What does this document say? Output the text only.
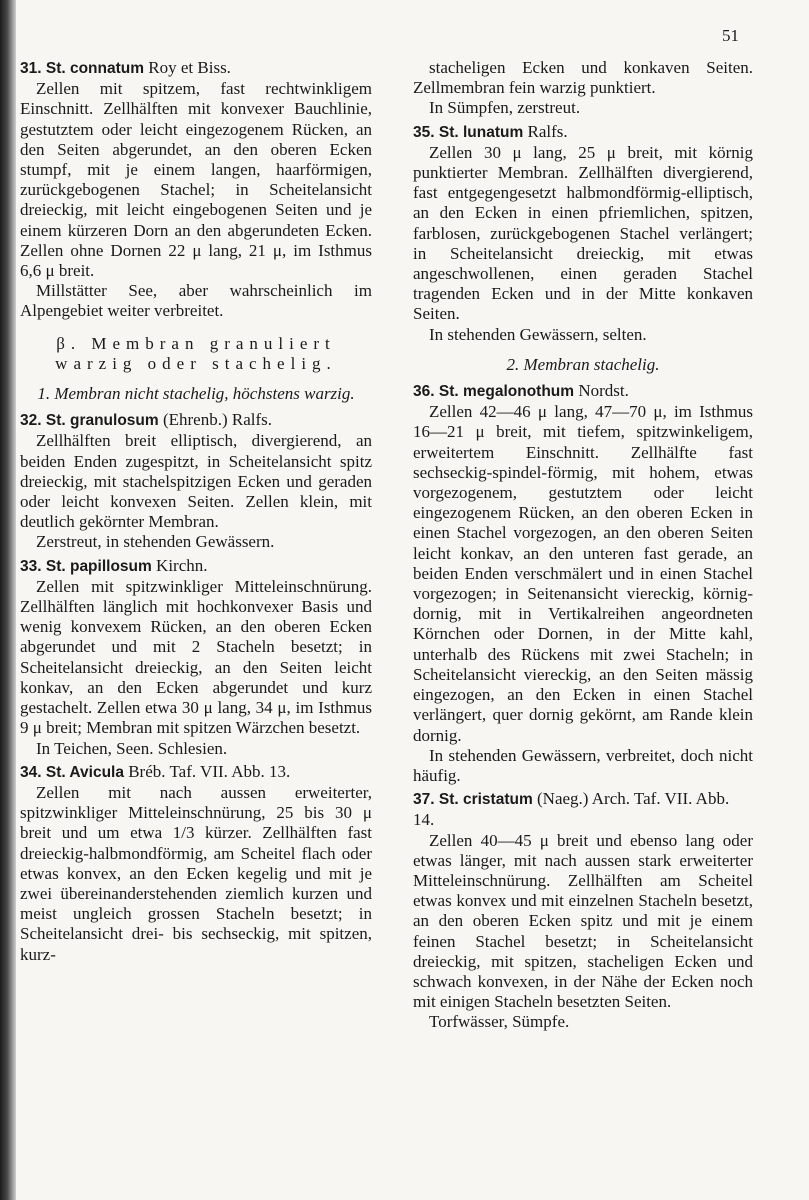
51

31. St. connatum Roy et Biss.

Zellen mit spitzem, fast rechtwinkligem Einschnitt. Zellhälften mit konvexer Bauchlinie, gestutztem oder leicht eingezogenem Rücken, an den Seiten abgerundet, an den oberen Ecken stumpf, mit je einem langen, haarförmigen, zurückgebogenen Stachel; in Scheitelansicht dreieckig, mit leicht eingebogenen Seiten und je einem kürzeren Dorn an den abgerundeten Ecken. Zellen ohne Dornen 22 μ lang, 21 μ, im Isthmus 6,6 μ breit.

Millstätter See, aber wahrscheinlich im Alpengebiet weiter verbreitet.

β. Membran granuliert warzig oder stachelig.

1. Membran nicht stachelig, höchstens warzig.

32. St. granulosum (Ehrenb.) Ralfs.

Zellhälften breit elliptisch, divergierend, an beiden Enden zugespitzt, in Scheitelansicht spitz dreieckig, mit stachelspitzigen Ecken und geraden oder leicht konvexen Seiten. Zellen klein, mit deutlich gekörnter Membran.

Zerstreut, in stehenden Gewässern.

33. St. papillosum Kirchn.

Zellen mit spitzwinkliger Mitteleinschnürung. Zellhälften länglich mit hochkonvexer Basis und wenig konvexem Rücken, an den oberen Ecken abgerundet und mit 2 Stacheln besetzt; in Scheitelansicht dreieckig, an den Seiten leicht konkav, an den Ecken abgerundet und kurz gestachelt. Zellen etwa 30 μ lang, 34 μ, im Isthmus 9 μ breit; Membran mit spitzen Wärzchen besetzt.

In Teichen, Seen. Schlesien.

34. St. Avicula Bréb. Taf. VII. Abb. 13.

Zellen mit nach aussen erweiterter, spitzwinkliger Mitteleinschnürung, 25 bis 30 μ breit und um etwa 1/3 kürzer. Zellhälften fast dreieckig-halbmondförmig, am Scheitel flach oder etwas konvex, an den Ecken kegelig und mit je zwei übereinanderstehenden ziemlich kurzen und meist ungleich grossen Stacheln besetzt; in Scheitelansicht drei- bis sechseckig, mit spitzen, kurz-

stacheligen Ecken und konkaven Seiten. Zellmembran fein warzig punktiert.

In Sümpfen, zerstreut.

35. St. lunatum Ralfs.

Zellen 30 μ lang, 25 μ breit, mit körnig punktierter Membran. Zellhälften divergierend, fast entgegengesetzt halbmondförmig-elliptisch, an den Ecken in einen pfriemlichen, spitzen, farblosen, zurückgebogenen Stachel verlängert; in Scheitelansicht dreieckig, mit etwas angeschwollenen, einen geraden Stachel tragenden Ecken und in der Mitte konkaven Seiten.

In stehenden Gewässern, selten.

2. Membran stachelig.

36. St. megalonothum Nordst.

Zellen 42—46 μ lang, 47—70 μ, im Isthmus 16—21 μ breit, mit tiefem, spitzwinkeligem, erweitertem Einschnitt. Zellhälfte fast sechseckig-spindel-förmig, mit hohem, etwas vorgezogenem, gestutztem oder leicht eingezogenem Rücken, an den oberen Ecken in einen Stachel vorgezogen, an den oberen Seiten leicht konkav, an den unteren fast gerade, an beiden Enden verschmälert und in einen Stachel vorgezogen; in Seitenansicht viereckig, körnig-dornig, mit in Vertikalreihen angeordneten Körnchen oder Dornen, in der Mitte kahl, unterhalb des Rückens mit zwei Stacheln; in Scheitelansicht viereckig, an den Seiten mässig eingezogen, an den Ecken in einen Stachel verlängert, quer dornig gekörnt, am Rande klein dornig.

In stehenden Gewässern, verbreitet, doch nicht häufig.

37. St. cristatum (Naeg.) Arch. Taf. VII. Abb. 14.

Zellen 40—45 μ breit und ebenso lang oder etwas länger, mit nach aussen stark erweiterter Mitteleinschnürung. Zellhälften am Scheitel etwas konvex und mit einzelnen Stacheln besetzt, an den oberen Ecken spitz und mit je einem feinen Stachel besetzt; in Scheitelansicht dreieckig, mit spitzen, stacheligen Ecken und schwach konvexen, in der Nähe der Ecken noch mit einigen Stacheln besetzten Seiten.

Torfwässer, Sümpfe.
